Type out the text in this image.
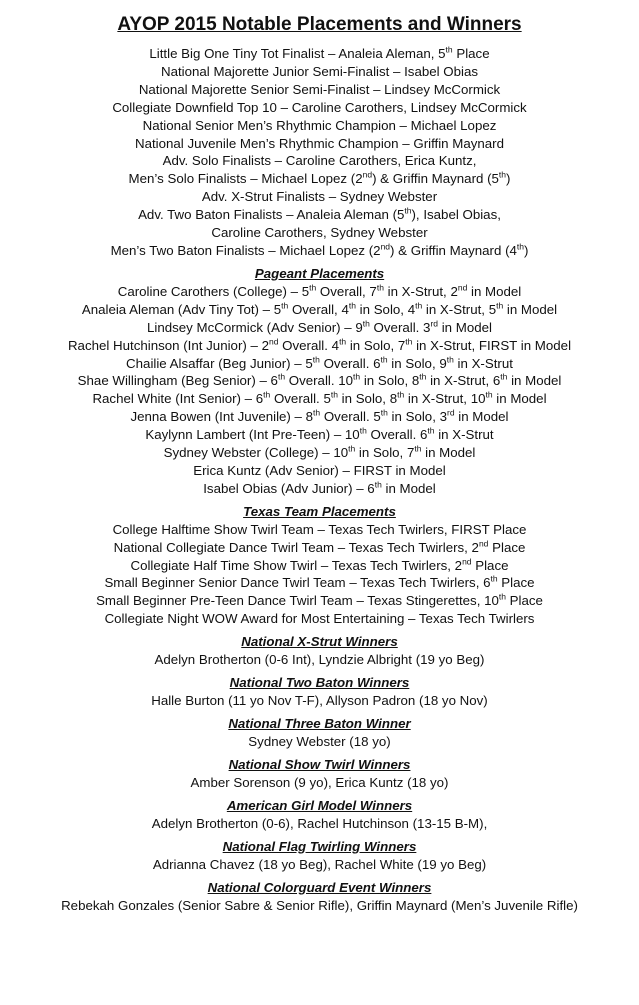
AYOP 2015 Notable Placements and Winners
Little Big One Tiny Tot Finalist – Analeia Aleman, 5th Place
National Majorette Junior Semi-Finalist – Isabel Obias
National Majorette Senior Semi-Finalist – Lindsey McCormick
Collegiate Downfield Top 10 – Caroline Carothers, Lindsey McCormick
National Senior Men’s Rhythmic Champion – Michael Lopez
National Juvenile Men’s Rhythmic Champion – Griffin Maynard
Adv. Solo Finalists – Caroline Carothers, Erica Kuntz,
Men’s Solo Finalists – Michael Lopez (2nd) & Griffin Maynard (5th)
Adv. X-Strut Finalists – Sydney Webster
Adv. Two Baton Finalists – Analeia Aleman (5th), Isabel Obias,
Caroline Carothers, Sydney Webster
Men’s Two Baton Finalists – Michael Lopez (2nd) & Griffin Maynard (4th)
Pageant Placements
Caroline Carothers (College) – 5th Overall, 7th in X-Strut, 2nd in Model
Analeia Aleman (Adv Tiny Tot) – 5th Overall, 4th in Solo, 4th in X-Strut, 5th in Model
Lindsey McCormick (Adv Senior) – 9th Overall. 3rd in Model
Rachel Hutchinson (Int Junior) – 2nd Overall. 4th in Solo, 7th in X-Strut, FIRST in Model
Chailie Alsaffar (Beg Junior) – 5th Overall. 6th in Solo, 9th in X-Strut
Shae Willingham (Beg Senior) – 6th Overall. 10th in Solo, 8th in X-Strut, 6th in Model
Rachel White (Int Senior) – 6th Overall. 5th in Solo, 8th in X-Strut, 10th in Model
Jenna Bowen (Int Juvenile) – 8th Overall. 5th in Solo, 3rd in Model
Kaylynn Lambert (Int Pre-Teen) – 10th Overall. 6th in X-Strut
Sydney Webster (College) – 10th in Solo, 7th in Model
Erica Kuntz (Adv Senior) – FIRST in Model
Isabel Obias (Adv Junior) – 6th in Model
Texas Team Placements
College Halftime Show Twirl Team – Texas Tech Twirlers, FIRST Place
National Collegiate Dance Twirl Team – Texas Tech Twirlers, 2nd Place
Collegiate Half Time Show Twirl – Texas Tech Twirlers, 2nd Place
Small Beginner Senior Dance Twirl Team – Texas Tech Twirlers, 6th Place
Small Beginner Pre-Teen Dance Twirl Team – Texas Stingerettes, 10th Place
Collegiate Night WOW Award for Most Entertaining – Texas Tech Twirlers
National X-Strut Winners
Adelyn Brotherton (0-6 Int), Lyndzie Albright (19 yo Beg)
National Two Baton Winners
Halle Burton (11 yo Nov T-F), Allyson Padron (18 yo Nov)
National Three Baton Winner
Sydney Webster (18 yo)
National Show Twirl Winners
Amber Sorenson (9 yo), Erica Kuntz (18 yo)
American Girl Model Winners
Adelyn Brotherton (0-6), Rachel Hutchinson (13-15 B-M),
National Flag Twirling Winners
Adrianna Chavez (18 yo Beg), Rachel White (19 yo Beg)
National Colorguard Event Winners
Rebekah Gonzales (Senior Sabre & Senior Rifle), Griffin Maynard (Men’s Juvenile Rifle)
